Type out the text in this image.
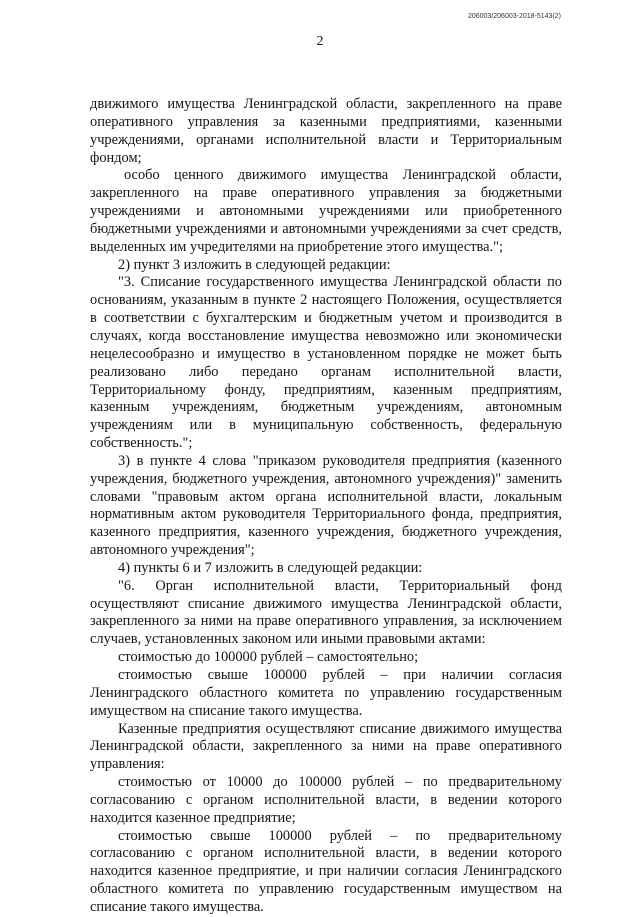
206003/206003-2018-5143(2)
2

движимого имущества Ленинградской области, закрепленного на праве оперативного управления за казенными предприятиями, казенными учреждениями, органами исполнительной власти и Территориальным фондом;

особо ценного движимого имущества Ленинградской области, закрепленного на праве оперативного управления за бюджетными учреждениями и автономными учреждениями или приобретенного бюджетными учреждениями и автономными учреждениями за счет средств, выделенных им учредителями на приобретение этого имущества.";

2) пункт 3 изложить в следующей редакции:

"3. Списание государственного имущества Ленинградской области по основаниям, указанным в пункте 2 настоящего Положения, осуществляется в соответствии с бухгалтерским и бюджетным учетом и производится в случаях, когда восстановление имущества невозможно или экономически нецелесообразно и имущество в установленном порядке не может быть реализовано либо передано органам исполнительной власти, Территориальному фонду, предприятиям, казенным предприятиям, казенным учреждениям, бюджетным учреждениям, автономным учреждениям или в муниципальную собственность, федеральную собственность.";

3) в пункте 4 слова "приказом руководителя предприятия (казенного учреждения, бюджетного учреждения, автономного учреждения)" заменить словами "правовым актом органа исполнительной власти, локальным нормативным актом руководителя Территориального фонда, предприятия, казенного предприятия, казенного учреждения, бюджетного учреждения, автономного учреждения";

4) пункты 6 и 7 изложить в следующей редакции:

"6. Орган исполнительной власти, Территориальный фонд осуществляют списание движимого имущества Ленинградской области, закрепленного за ними на праве оперативного управления, за исключением случаев, установленных законом или иными правовыми актами:

стоимостью до 100000 рублей – самостоятельно;

стоимостью свыше 100000 рублей – при наличии согласия Ленинградского областного комитета по управлению государственным имуществом на списание такого имущества.

Казенные предприятия осуществляют списание движимого имущества Ленинградской области, закрепленного за ними на праве оперативного управления:

стоимостью от 10000 до 100000 рублей – по предварительному согласованию с органом исполнительной власти, в ведении которого находится казенное предприятие;

стоимостью свыше 100000 рублей – по предварительному согласованию с органом исполнительной власти, в ведении которого находится казенное предприятие, и при наличии согласия Ленинградского областного комитета по управлению государственным имуществом на списание такого имущества.
